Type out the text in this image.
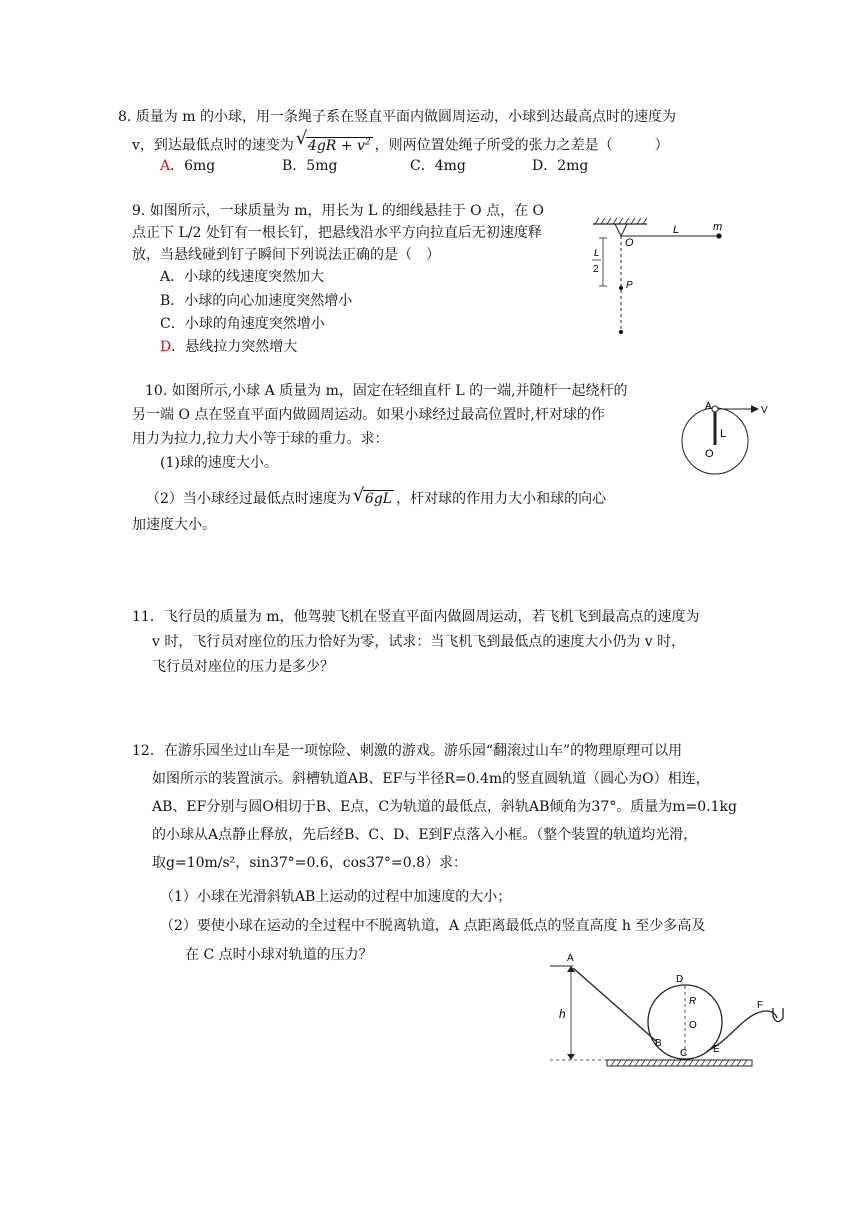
8. 质量为 m 的小球，用一条绳子系在竖直平面内做圆周运动，小球到达最高点时的速度为
v，到达最低点时的速变为 √ $4gR + v^2$ ，则两位置处绳子所受的张力之差是（　　　）
A．6mg	B．5mg	C．4mg	D．2mg
9. 如图所示，一球质量为 m，用长为 L 的细线悬挂于 O 点，在 O
点正下 L/2 处钉有一根长钉，把悬线沿水平方向拉直后无初速度释
放，当悬线碰到钉子瞬间下列说法正确的是（　）
A．小球的线速度突然加大
B．小球的向心加速度突然增小
C．小球的角速度突然增小
D．悬线拉力突然增大
O
L	m
P
L
2
10. 如图所示,小球 A 质量为 m，固定在轻细直杆 L 的一端,并随杆一起绕杆的
另一端 O 点在竖直平面内做圆周运动。如果小球经过最高位置时,杆对球的作
用力为拉力,拉力大小等于球的重力。求：
(1)球的速度大小。
（2）当小球经过最低点时速度为 √ 6gL ，杆对球的作用力大小和球的向心
加速度大小。
A	V
L
O
11．飞行员的质量为 m，他驾驶飞机在竖直平面内做圆周运动，若飞机飞到最高点的速度为
v 时，飞行员对座位的压力恰好为零，试求：当飞机飞到最低点的速度大小仍为 v 时，
飞行员对座位的压力是多少？
12．在游乐园坐过山车是一项惊险、刺激的游戏。游乐园“翻滚过山车”的物理原理可以用
如图所示的装置演示。斜槽轨道AB、EF与半径R=0.4m的竖直圆轨道（圆心为O）相连，
AB、EF分别与圆O相切于B、E点，C为轨道的最低点，斜轨AB倾角为37°。质量为m=0.1kg
的小球从A点静止释放，先后经B、C、D、E到F点落入小框。（整个装置的轨道均光滑，
取g=10m/s²，sin37°=0.6，cos37°=0.8）求：
（1）小球在光滑斜轨AB上运动的过程中加速度的大小；
（2）要使小球在运动的全过程中不脱离轨道，A 点距离最低点的竖直高度 h 至少多高及
在 C 点时小球对轨道的压力？	A
h
D
R
O
B
C	E
F
